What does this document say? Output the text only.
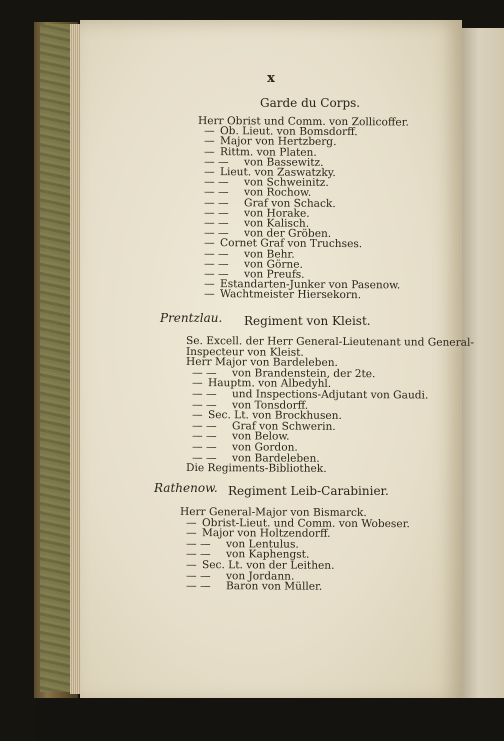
x
Garde du Corps.
Herr Obrist und Comm. von Zollicoffer.
— Ob. Lieut. von Bomsdorff.
— Major von Hertzberg.
— Rittm. von Platen.
— — von Bassewitz.
— Lieut. von Zaswatzky.
— — von Schweinitz.
— — von Rochow.
— — Graf von Schack.
— — von Horake.
— — von Kalisch.
— — von der Gröben.
— Cornet Graf von Truchses.
— — von Behr.
— — von Görne.
— — von Preufs.
— Estandarten-Junker von Pasenow.
— Wachtmeister Hiersekorn.
Regiment von Kleist.
Prentzlau.
Se. Excell. der Herr General-Lieutenant und General-
Inspecteur von Kleist.
Herr Major von Bardeleben.
— — von Brandenstein, der 2te.
— Hauptm. von Albedyhl.
— — und Inspections-Adjutant von Gaudi.
— — von Tonsdorff.
— Sec. Lt. von Brockhusen.
— — Graf von Schwerin.
— — von Below.
— — von Gordon.
— — von Bardeleben.
Die Regiments-Bibliothek.
Regiment Leib-Carabinier.
Rathenow.
Herr General-Major von Bismarck.
— Obrist-Lieut. und Comm. von Wobeser.
— Major von Holtzendorff.
— — von Lentulus.
— — von Kaphengst.
— Sec. Lt. von der Leithen.
— — von Jordann.
— — Baron von Müller.
